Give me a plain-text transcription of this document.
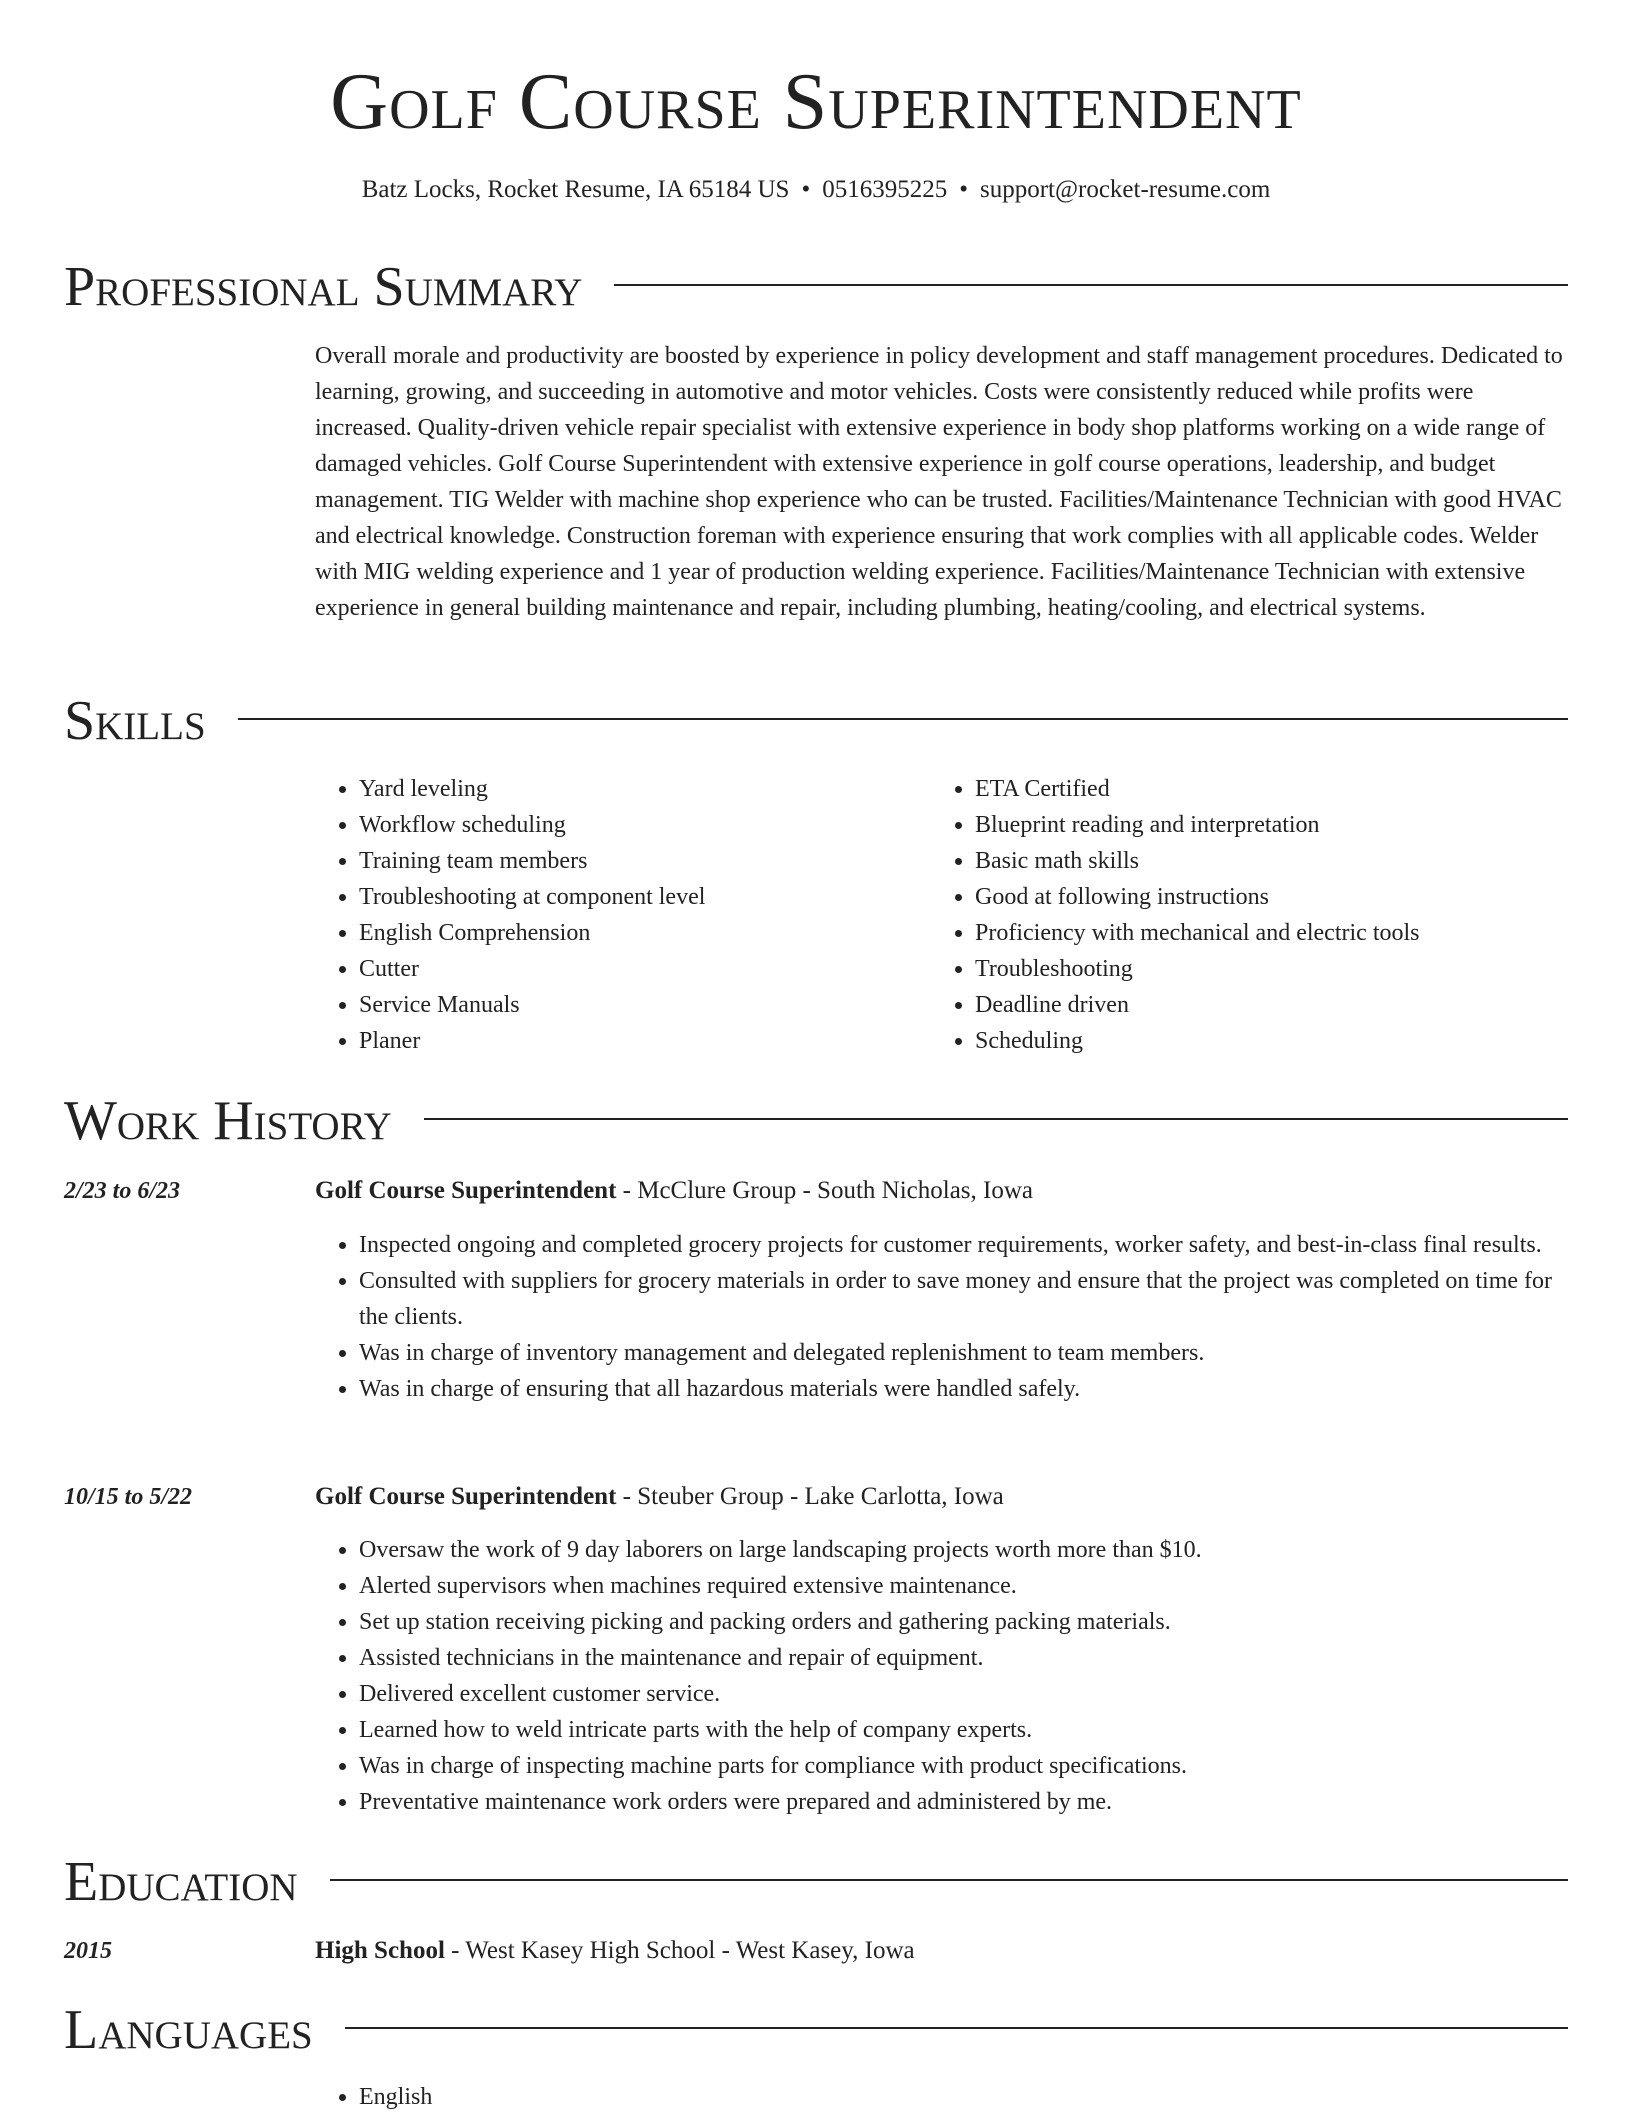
Golf Course Superintendent
Batz Locks, Rocket Resume, IA 65184 US • 0516395225 • support@rocket-resume.com
Professional Summary

Overall morale and productivity are boosted by experience in policy development and staff management procedures. Dedicated to learning, growing, and succeeding in automotive and motor vehicles. Costs were consistently reduced while profits were increased. Quality-driven vehicle repair specialist with extensive experience in body shop platforms working on a wide range of damaged vehicles. Golf Course Superintendent with extensive experience in golf course operations, leadership, and budget management. TIG Welder with machine shop experience who can be trusted. Facilities/Maintenance Technician with good HVAC and electrical knowledge. Construction foreman with experience ensuring that work complies with all applicable codes. Welder with MIG welding experience and 1 year of production welding experience. Facilities/Maintenance Technician with extensive experience in general building maintenance and repair, including plumbing, heating/cooling, and electrical systems.

Skills
• Yard leveling
• Workflow scheduling
• Training team members
• Troubleshooting at component level
• English Comprehension
• Cutter
• Service Manuals
• Planer
• ETA Certified
• Blueprint reading and interpretation
• Basic math skills
• Good at following instructions
• Proficiency with mechanical and electric tools
• Troubleshooting
• Deadline driven
• Scheduling
Work History
2/23 to 6/23	Golf Course Superintendent - McClure Group - South Nicholas, Iowa
• Inspected ongoing and completed grocery projects for customer requirements, worker safety, and best-in-class final results.
• Consulted with suppliers for grocery materials in order to save money and ensure that the project was completed on time for the clients.
• Was in charge of inventory management and delegated replenishment to team members.
• Was in charge of ensuring that all hazardous materials were handled safely.
10/15 to 5/22	Golf Course Superintendent - Steuber Group - Lake Carlotta, Iowa
• Oversaw the work of 9 day laborers on large landscaping projects worth more than $10.
• Alerted supervisors when machines required extensive maintenance.
• Set up station receiving picking and packing orders and gathering packing materials.
• Assisted technicians in the maintenance and repair of equipment.
• Delivered excellent customer service.
• Learned how to weld intricate parts with the help of company experts.
• Was in charge of inspecting machine parts for compliance with product specifications.
• Preventative maintenance work orders were prepared and administered by me.
Education
2015	High School - West Kasey High School - West Kasey, Iowa
Languages
• English
